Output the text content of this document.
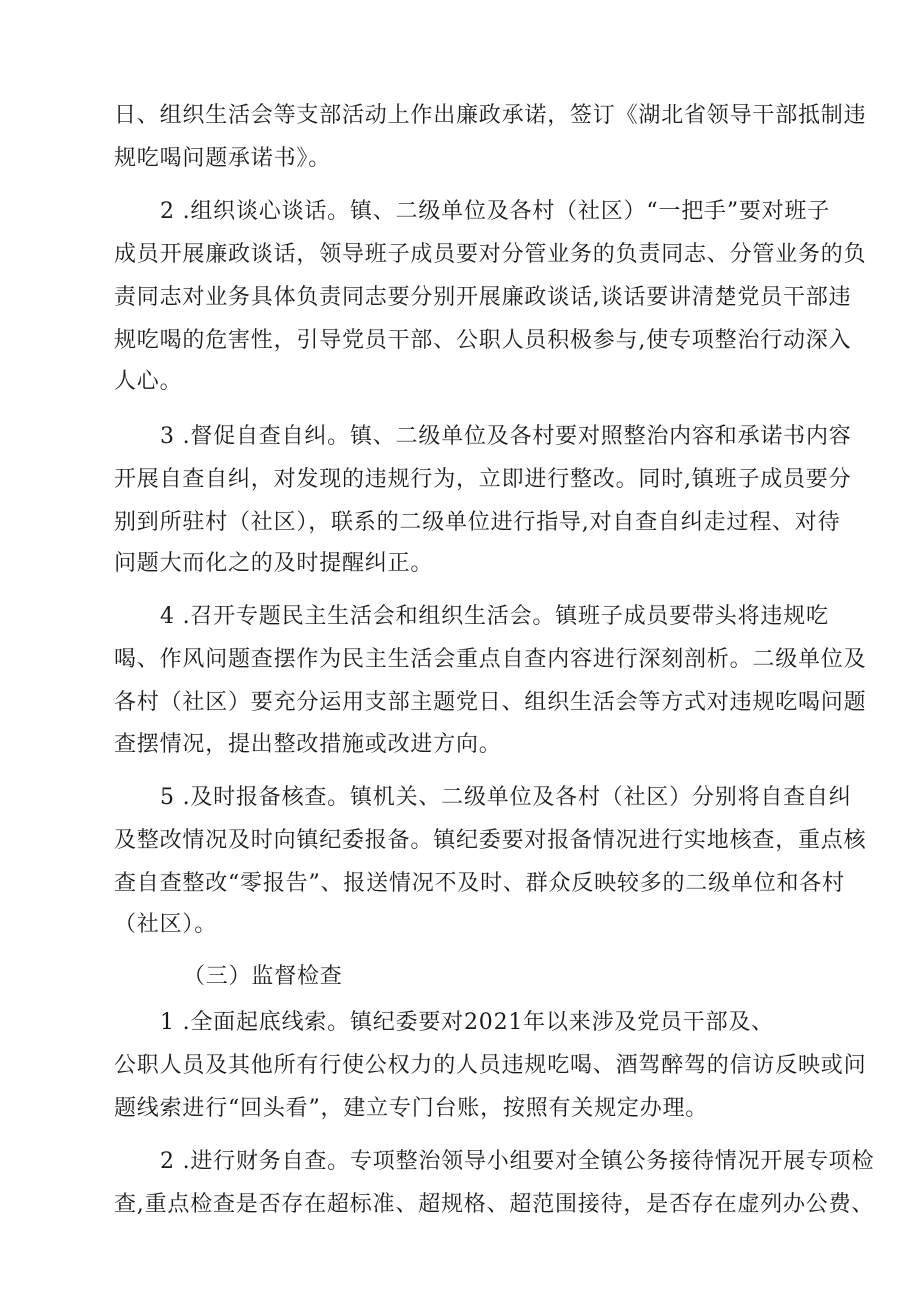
日、组织生活会等支部活动上作出廉政承诺，签订《湖北省领导干部抵制违
规吃喝问题承诺书》。
2 .组织谈心谈话。镇、二级单位及各村（社区）“一把手”要对班子
成员开展廉政谈话，领导班子成员要对分管业务的负责同志、分管业务的负
责同志对业务具体负责同志要分别开展廉政谈话,谈话要讲清楚党员干部违
规吃喝的危害性，引导党员干部、公职人员积极参与,使专项整治行动深入
人心。
3 .督促自查自纠。镇、二级单位及各村要对照整治内容和承诺书内容
开展自查自纠，对发现的违规行为，立即进行整改。同时,镇班子成员要分
别到所驻村（社区），联系的二级单位进行指导,对自查自纠走过程、对待
问题大而化之的及时提醒纠正。
4 .召开专题民主生活会和组织生活会。镇班子成员要带头将违规吃
喝、作风问题查摆作为民主生活会重点自查内容进行深刻剖析。二级单位及
各村（社区）要充分运用支部主题党日、组织生活会等方式对违规吃喝问题
查摆情况，提出整改措施或改进方向。
5 .及时报备核查。镇机关、二级单位及各村（社区）分别将自查自纠
及整改情况及时向镇纪委报备。镇纪委要对报备情况进行实地核查，重点核
查自查整改“零报告”、报送情况不及时、群众反映较多的二级单位和各村
（社区）。
（三）监督检查
1 .全面起底线索。镇纪委要对2021年以来涉及党员干部及、
公职人员及其他所有行使公权力的人员违规吃喝、酒驾醉驾的信访反映或问
题线索进行“回头看”，建立专门台账，按照有关规定办理。
2 .进行财务自查。专项整治领导小组要对全镇公务接待情况开展专项检
查,重点检查是否存在超标准、超规格、超范围接待，是否存在虚列办公费、
